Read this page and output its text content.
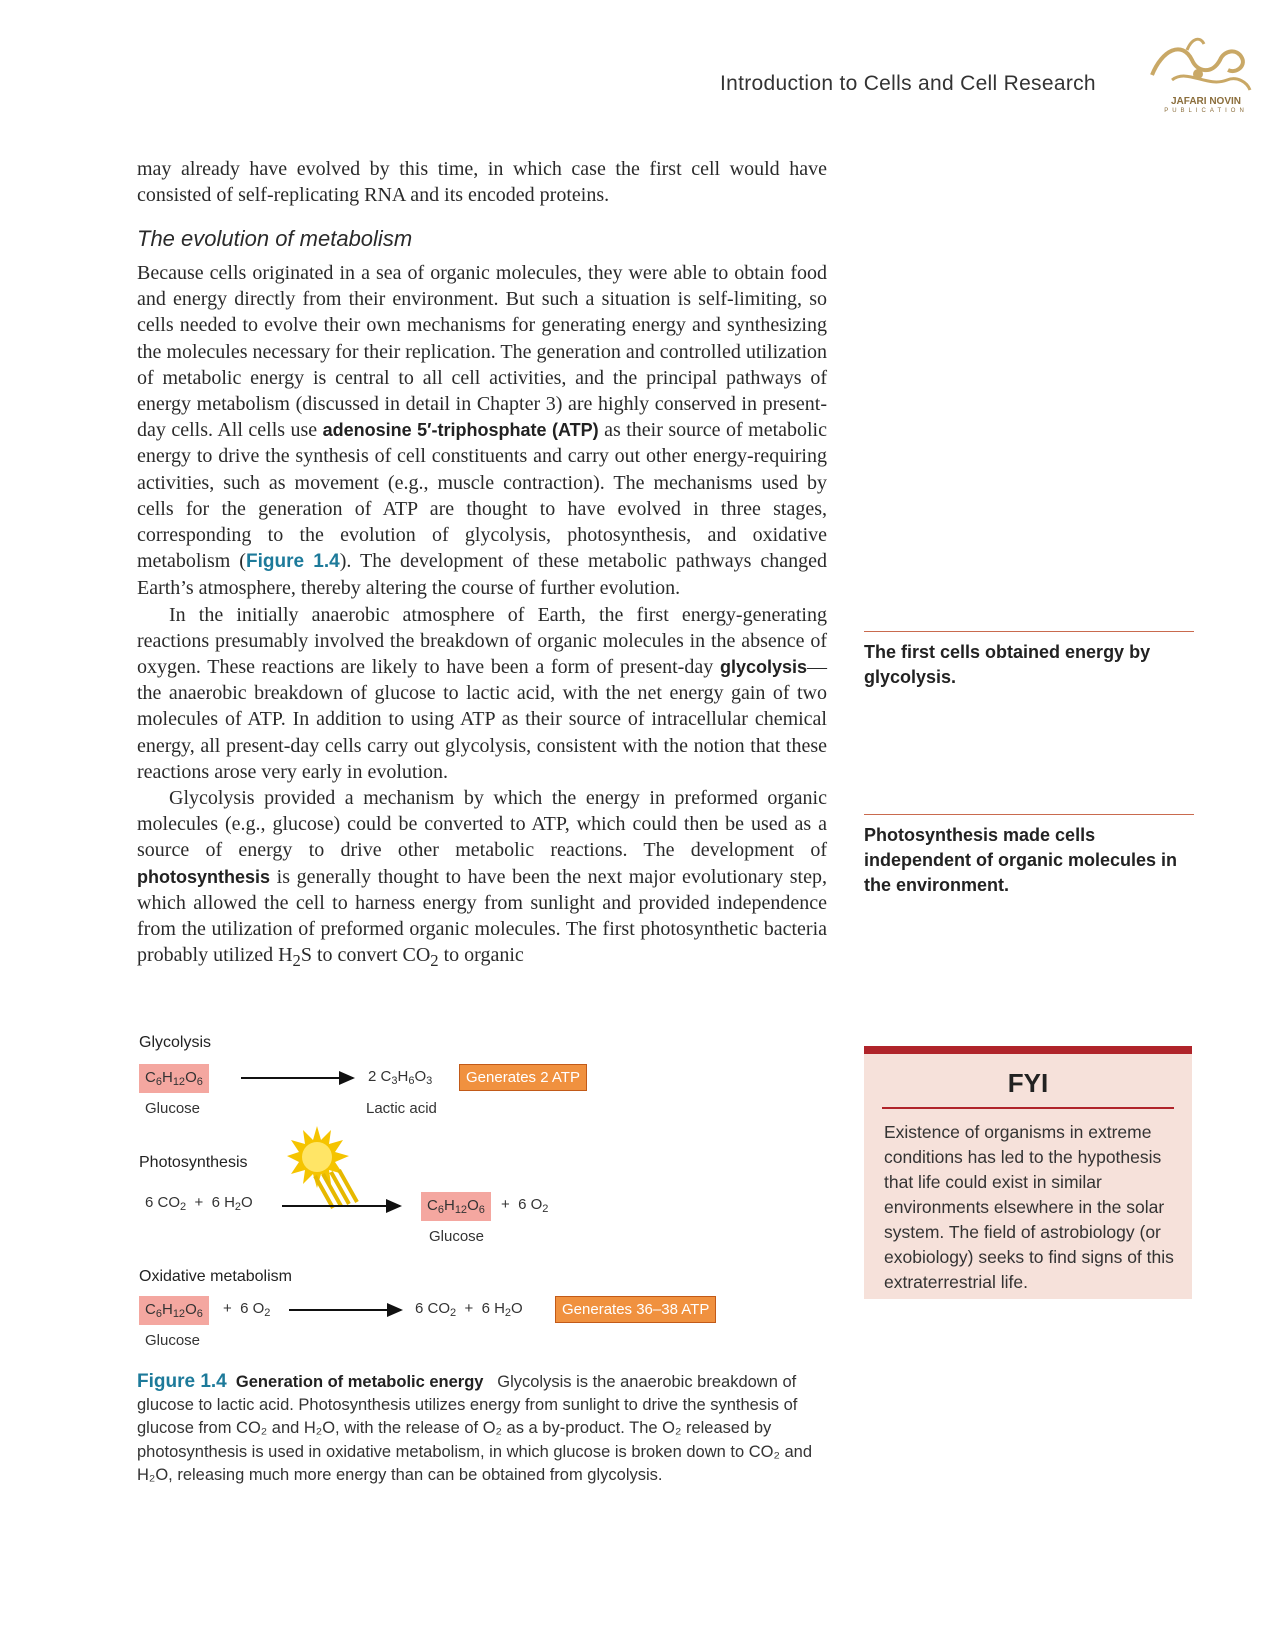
Introduction to Cells and Cell Research
JAFARI NOVIN
PUBLICATION

may already have evolved by this time, in which case the first cell would have consisted of self-replicating RNA and its encoded proteins.

The evolution of metabolism

Because cells originated in a sea of organic molecules, they were able to obtain food and energy directly from their environment. But such a situation is self-limiting, so cells needed to evolve their own mechanisms for generating energy and synthesizing the molecules necessary for their replication. The generation and controlled utilization of metabolic energy is central to all cell activities, and the principal pathways of energy metabolism (discussed in detail in Chapter 3) are highly conserved in present-day cells. All cells use adenosine 5′-triphosphate (ATP) as their source of metabolic energy to drive the synthesis of cell constituents and carry out other energy-requiring activities, such as movement (e.g., muscle contraction). The mechanisms used by cells for the generation of ATP are thought to have evolved in three stages, corresponding to the evolution of glycolysis, photosynthesis, and oxidative metabolism (Figure 1.4). The development of these metabolic pathways changed Earth’s atmosphere, thereby altering the course of further evolution.

In the initially anaerobic atmosphere of Earth, the first energy-generating reactions presumably involved the breakdown of organic molecules in the absence of oxygen. These reactions are likely to have been a form of present-day glycolysis—the anaerobic breakdown of glucose to lactic acid, with the net energy gain of two molecules of ATP. In addition to using ATP as their source of intracellular chemical energy, all present-day cells carry out glycolysis, consistent with the notion that these reactions arose very early in evolution.

Glycolysis provided a mechanism by which the energy in preformed organic molecules (e.g., glucose) could be converted to ATP, which could then be used as a source of energy to drive other metabolic reactions. The development of photosynthesis is generally thought to have been the next major evolutionary step, which allowed the cell to harness energy from sunlight and provided independence from the utilization of preformed organic molecules. The first photosynthetic bacteria probably utilized $H_2S$ to convert $CO_2$ to organic

The first cells obtained energy by glycolysis.
Photosynthesis made cells independent of organic molecules in the environment.
FYI
Existence of organisms in extreme conditions has led to the hypothesis that life could exist in similar environments elsewhere in the solar system. The field of astrobiology (or exobiology) seeks to find signs of this extraterrestrial life.
Glycolysis
$C_6H_{12}O_6$	2 $C_3H_6O_3$	Generates 2 ATP
Glucose	Lactic acid
Photosynthesis
6 $CO_2 + 6$ $H_2O$	$C_6H_{12}O_6$	+  6 $O_2$
Glucose
Oxidative metabolism
$C_6H_{12}O_6$	+  6 $O_2$	6 $CO_2 + 6$ $H_2O$	Generates 36–38 ATP
Glucose
Figure 1.4 Generation of metabolic energy Glycolysis is the anaerobic breakdown of glucose to lactic acid. Photosynthesis utilizes energy from sunlight to drive the synthesis of glucose from CO₂ and H₂O, with the release of O₂ as a by-product. The O₂ released by photosynthesis is used in oxidative metabolism, in which glucose is broken down to CO₂ and H₂O, releasing much more energy than can be obtained from glycolysis.
